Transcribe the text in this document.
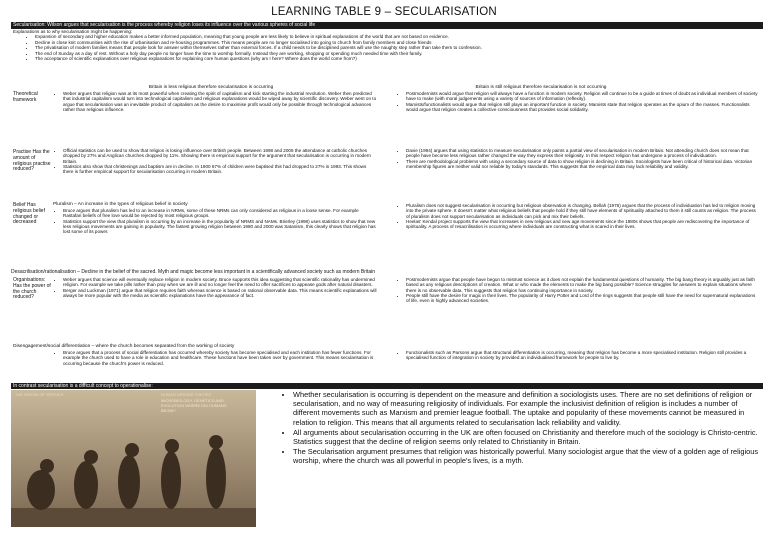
LEARNING TABLE 9 – SECULARISATION
Secularisation: Wilson argues that secularisation is the process whereby religion loses its influence over the various spheres of social life
Explanations as to why secularisation might be happening:
• Expansion of secondary and higher education makes a better informed population, meaning that young people are less likely to believe in spiritual explanations of the world that are not based on evidence.
• Decline in close knit communities with the rise of urbanisation and re-housing programmes. This means people are no longer socialised into going to church from family members and close friends
• The privatisation of modern families means that people look for answer within themselves rather than external forces. If a child needs to be disciplined parents will use the naughty step rather than take them to confession.
• The end of Sunday as a day of rest. Without a holy day people no longer have the time to worship formally. Instead they are working, shopping or spending much needed time with their family.
• The acceptance of scientific explanations over religious explanations for explaining core human questions (why am I here? Where does the world come from?)
Britain is less religious therefore secularisation is occurring	Britain is still religious therefore secularisation is not occurring
Theoretical framework
• Weber argues that religion was at its most powerful when creating the spirit of capitalism and kick starting the industrial revolution. Weber then predicted that industrial capitalism would turn into technological capitalism and religious explanations would be wiped away by scientific discovery. Weber went on to argue that secularisation was an inevitable product of capitalism as the desire to maximise profit would only be possible through technological advances rather than religious influence.
• Postmodernists would argue that religion will always have a function in modern society. Religion will continue to be a guide at times of doubt as individual members of society have to make (with moral judgements using a variety of sources of information (reflexity).
• Marxists/functionalists would argue that religion still plays an important function in society. Marxists state that religion operates as the opium of the masses. Functionalists would argue that religion creates a collective consciousness that provides social solidarity.
Practise Has the amount of religious practise reduced?
• Official statistics can be used to show that religion is losing influence over British people. Between 1998 and 2005 the attendance at catholic churches dropped by 27% and Anglican churches dropped by 11%. Showing there is empirical support for the argument that secularisation is occurring in modern Britain.
• Statistics also show that christenings and baptism are in decline. In 1900 67% of children were baptised this had dropped to 27% in 1993. This shows there is further empirical support for secularisation occurring in modern Britain.
• Davie (1994) argues that using statistics to measure secularisation only paints a partial view of secularisation in modern Britain. Not attending church does not mean that people have become less religious rather changed the way they express their religiosity. In this respect religion has undergone a process of individuation.
• There are methodological problems with using a secondary source of data to show religion is declining in Britain. Sociologists have been critical of historical data. Victorian membership figures are neither valid nor reliable by today's standards. This suggests that the empirical data may lack reliability and validity.
Belief Has religious belief changed or decreased
Pluralism – An increase in the types of religious belief in society
• Bruce argues that pluralism has led to an increase in NRMs, some of these NRMs can only considered as religious in a loose sense. For example Rastafari beliefs of free love would be rejected by most religious groups.
• Statistics support the view that pluralism is occurring by an increase in the popularity of NRMS and NAMs. Brierley (1998) uses statistics to show that new less religious movements are gaining in popularity. The fastest growing religion between 1980 and 2000 was Satanism, this clearly shows that religion has lost some of its power.
• Pluralism does not suggest secularisation is occurring but religious observation is changing. Bellah (1976) argues that the process of individuation has led to religion moving into the private sphere. It doesn't matter what religious beliefs that people hold if they still have elements of spirituality attached to them it still counts as religion. The process of pluralism does not support secularisation as individuals can pick and mix their beliefs.
• Heelas' Kendal project supports the view that increases in new religious and new age movements since the 1980s shows that people are rediscovering the importance of spirituality. A process of resacrilisation is occurring where individuals are constructing what is scared in their lives.
Desacrilisation/rationalisation – Decline in the belief of the sacred. Myth and magic become less important in a scientifically advanced society such as modern Britain
Organisations: Has the power of the church reduced?
• Weber argues that science will eventually replace religion in modern society. Bruce supports this idea suggesting that scientific rationality has undermined religion. For example we take pills rather than pray when we are ill and no longer feel the need to offer sacrifices to appease gods after natural disasters.
• Berger and Luckman (1971) argue that religion requires faith whereas science is based on rational observable data. This means scientific explanations will always be more popular with the media as scientific explanations have the appearance of fact.
• Postmodernists argue that people have begun to mistrust science as it does not explain the fundamental questions of humanity. The big bang theory is arguably just as faith based as any religious descriptions of creation. What or who made the elements to make the big bang possible? Science struggles for answers to explain situations where there is no observable data. This suggests that religion has continuing importance in society.
• People still have the desire for magic in their lives. The popularity of Harry Potter and Lord of the rings suggests that people still have the need for supernatural explanations of life, even in highly advanced societies.
Disengagement/social differentiation – where the church becomes separated from the working of society
• Bruce argues that a process of social differentiation has occurred whereby society has become specialised and each institution has fewer functions. For example the church used to have a role in education and healthcare. These functions have been taken over by government. This means secularisation is occurring because the church's power is reduced.
• Functionalists such as Parsons argue that structural differentiation is occurring, meaning that religion has become a more specialised institution. Religion still provides a specialised function of integration in society by provided an individualised framework for people to live by.
In contrast secularisation is a difficult concept to operationalise:
THE ORIGIN OF SPECIES	HUMAN ORIGINS THEORY
MICROBIOLOGY, GENETICS AND EVOLUTION WHERE DID HUMANS BEGIN?
• Whether secularisation is occurring is dependent on the measure and definition a sociologists uses. There are no set definitions of religion or secularisation, and no way of measuring religiosity of individuals. For example the inclusivist definition of religion is includes a number of different movements such as Marxism and premier league football. The uptake and popularity of these movements cannot be measured in relation to religion. This means that all arguments related to secularisation lack reliability and validity.
• All arguments about secularisation occurring in the UK are often focused on Christianity and therefore much of the sociology is Christo-centric. Statistics suggest that the decline of religion seems only related to Christianity in Britain.
• The Secularisation argument presumes that religion was historically powerful. Many sociologist argue that the view of a golden age of religious worship, where the church was all powerful in people's lives, is a myth.
